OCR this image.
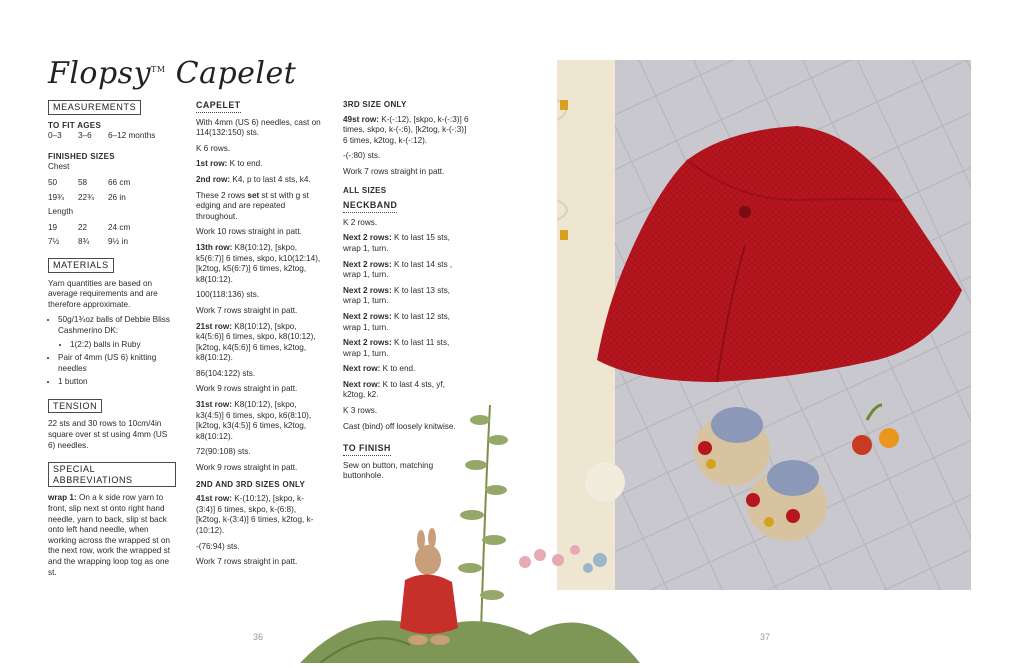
Flopsy™ Capelet
MEASUREMENTS
TO FIT AGES
0–3	3–6	6–12 months
FINISHED SIZES
Chest
50	58	66 cm
19¾	22¾	26 in
Length
19	22	24 cm
7½	8¾	9½ in
MATERIALS
Yarn quantities are based on average requirements and are therefore approximate.
• 50g/1¾oz balls of Debbie Bliss Cashmerino DK:
• 1(2:2) balls in Ruby
• Pair of 4mm (US 6) knitting needles
• 1 button
TENSION
22 sts and 30 rows to 10cm/4in square over st st using 4mm (US 6) needles.
SPECIAL ABBREVIATIONS
wrap 1: On a k side row yarn to front, slip next st onto right hand needle, yarn to back, slip st back onto left hand needle, when working across the wrapped st on the next row, work the wrapped st and the wrapping loop tog as one st.
CAPELET
With 4mm (US 6) needles, cast on 114(132:150) sts.
K 6 rows.
1st row: K to end.
2nd row: K4, p to last 4 sts, k4.
These 2 rows set st st with g st edging and are repeated throughout.
Work 10 rows straight in patt.
13th row: K8(10:12), [skpo, k5(6:7)] 6 times, skpo, k10(12:14), [k2tog, k5(6:7)] 6 times, k2tog, k8(10:12).
100(118:136) sts.
Work 7 rows straight in patt.
21st row: K8(10:12), [skpo, k4(5:6)] 6 times, skpo, k8(10:12), [k2tog, k4(5:6)] 6 times, k2tog, k8(10:12).
86(104:122) sts.
Work 9 rows straight in patt.
31st row: K8(10:12), [skpo, k3(4:5)] 6 times, skpo, k6(8:10), [k2tog, k3(4:5)] 6 times, k2tog, k8(10:12).
72(90:108) sts.
Work 9 rows straight in patt.
2ND AND 3RD SIZES ONLY
41st row: K-(10:12), [skpo, k-(3:4)] 6 times, skpo, k-(6:8), [k2tog, k-(3:4)] 6 times, k2tog, k-(10:12).
-(76:94) sts.
Work 7 rows straight in patt.
3RD SIZE ONLY
49st row: K-(-:12), [skpo, k-(-:3)] 6 times, skpo, k-(-:6), [k2tog, k-(-:3)] 6 times, k2tog, k-(-:12).
-(-:80) sts.
Work 7 rows straight in patt.
ALL SIZES
NECKBAND
K 2 rows.
Next 2 rows: K to last 15 sts, wrap 1, turn.
Next 2 rows: K to last 14 sts , wrap 1, turn.
Next 2 rows: K to last 13 sts, wrap 1, turn.
Next 2 rows: K to last 12 sts, wrap 1, turn.
Next 2 rows: K to last 11 sts, wrap 1, turn.
Next row: K to end.
Next row: K to last 4 sts, yf, k2tog, k2.
K 3 rows.
Cast (bind) off loosely knitwise.
TO FINISH
Sew on button, matching buttonhole.
36	37
